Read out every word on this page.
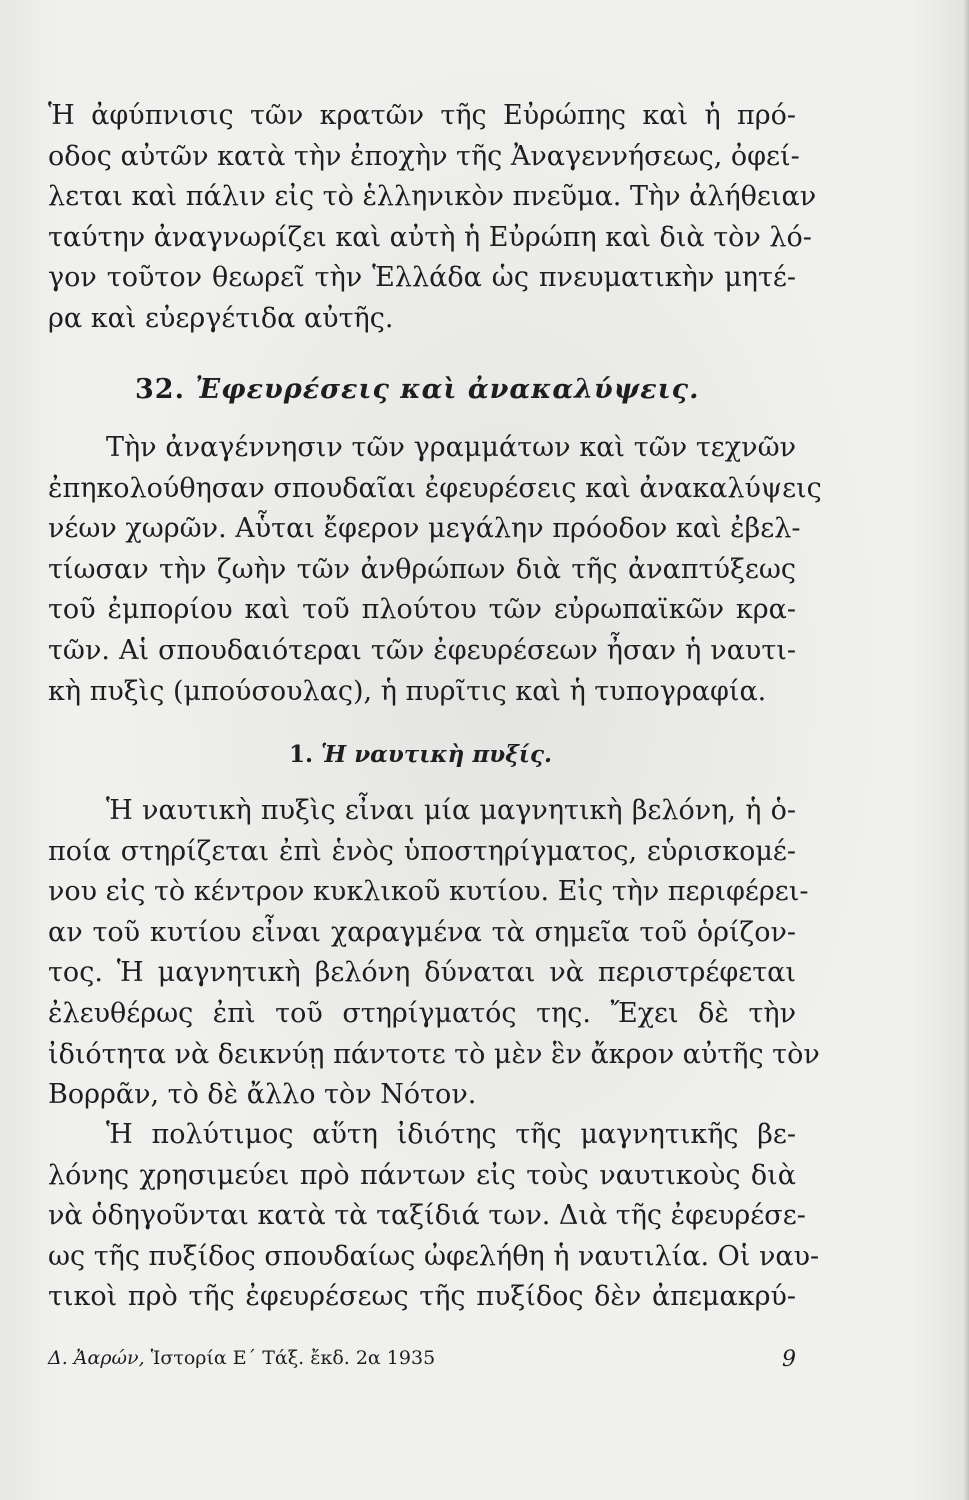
Ἡ ἀφύπνισις τῶν κρατῶν τῆς Εὐρώπης καὶ ἡ πρό-
οδος αὐτῶν κατὰ τὴν ἐποχὴν τῆς Ἀναγεννήσεως, ὀφεί-
λεται καὶ πάλιν εἰς τὸ ἑλληνικὸν πνεῦμα. Τὴν ἀλήθειαν
ταύτην ἀναγνωρίζει καὶ αὐτὴ ἡ Εὐρώπη καὶ διὰ τὸν λό-
γον τοῦτον θεωρεῖ τὴν Ἑλλάδα ὡς πνευματικὴν μητέ-
ρα καὶ εὐεργέτιδα αὐτῆς.
32. Ἐφευρέσεις καὶ ἀνακαλύψεις.
Τὴν ἀναγέννησιν τῶν γραμμάτων καὶ τῶν τεχνῶν
ἐπηκολούθησαν σπουδαῖαι ἐφευρέσεις καὶ ἀνακαλύψεις
νέων χωρῶν. Αὗται ἔφερον μεγάλην πρόοδον καὶ ἐβελ-
τίωσαν τὴν ζωὴν τῶν ἀνθρώπων διὰ τῆς ἀναπτύξεως
τοῦ ἐμπορίου καὶ τοῦ πλούτου τῶν εὐρωπαϊκῶν κρα-
τῶν. Αἱ σπουδαιότεραι τῶν ἐφευρέσεων ἦσαν ἡ ναυτι-
κὴ πυξὶς (μπούσουλας), ἡ πυρῖτις καὶ ἡ τυπογραφία.
1. Ἡ ναυτικὴ πυξίς.
Ἡ ναυτικὴ πυξὶς εἶναι μία μαγνητικὴ βελόνη, ἡ ὁ-
ποία στηρίζεται ἐπὶ ἑνὸς ὑποστηρίγματος, εὑρισκομέ-
νου εἰς τὸ κέντρον κυκλικοῦ κυτίου. Εἰς τὴν περιφέρει-
αν τοῦ κυτίου εἶναι χαραγμένα τὰ σημεῖα τοῦ ὁρίζον-
τος. Ἡ μαγνητικὴ βελόνη δύναται νὰ περιστρέφεται
ἐλευθέρως ἐπὶ τοῦ στηρίγματός της. Ἔχει δὲ τὴν
ἰδιότητα νὰ δεικνύῃ πάντοτε τὸ μὲν ἓν ἄκρον αὐτῆς τὸν
Βορρᾶν, τὸ δὲ ἄλλο τὸν Νότον.
Ἡ πολύτιμος αὕτη ἰδιότης τῆς μαγνητικῆς βε-
λόνης χρησιμεύει πρὸ πάντων εἰς τοὺς ναυτικοὺς διὰ
νὰ ὁδηγοῦνται κατὰ τὰ ταξίδιά των. Διὰ τῆς ἐφευρέσε-
ως τῆς πυξίδος σπουδαίως ὠφελήθη ἡ ναυτιλία. Οἱ ναυ-
τικοὶ πρὸ τῆς ἐφευρέσεως τῆς πυξίδος δὲν ἀπεμακρύ-
Δ. Ἀαρών, Ἱστορία Ε΄ Τάξ. ἔκδ. 2α 1935	9
